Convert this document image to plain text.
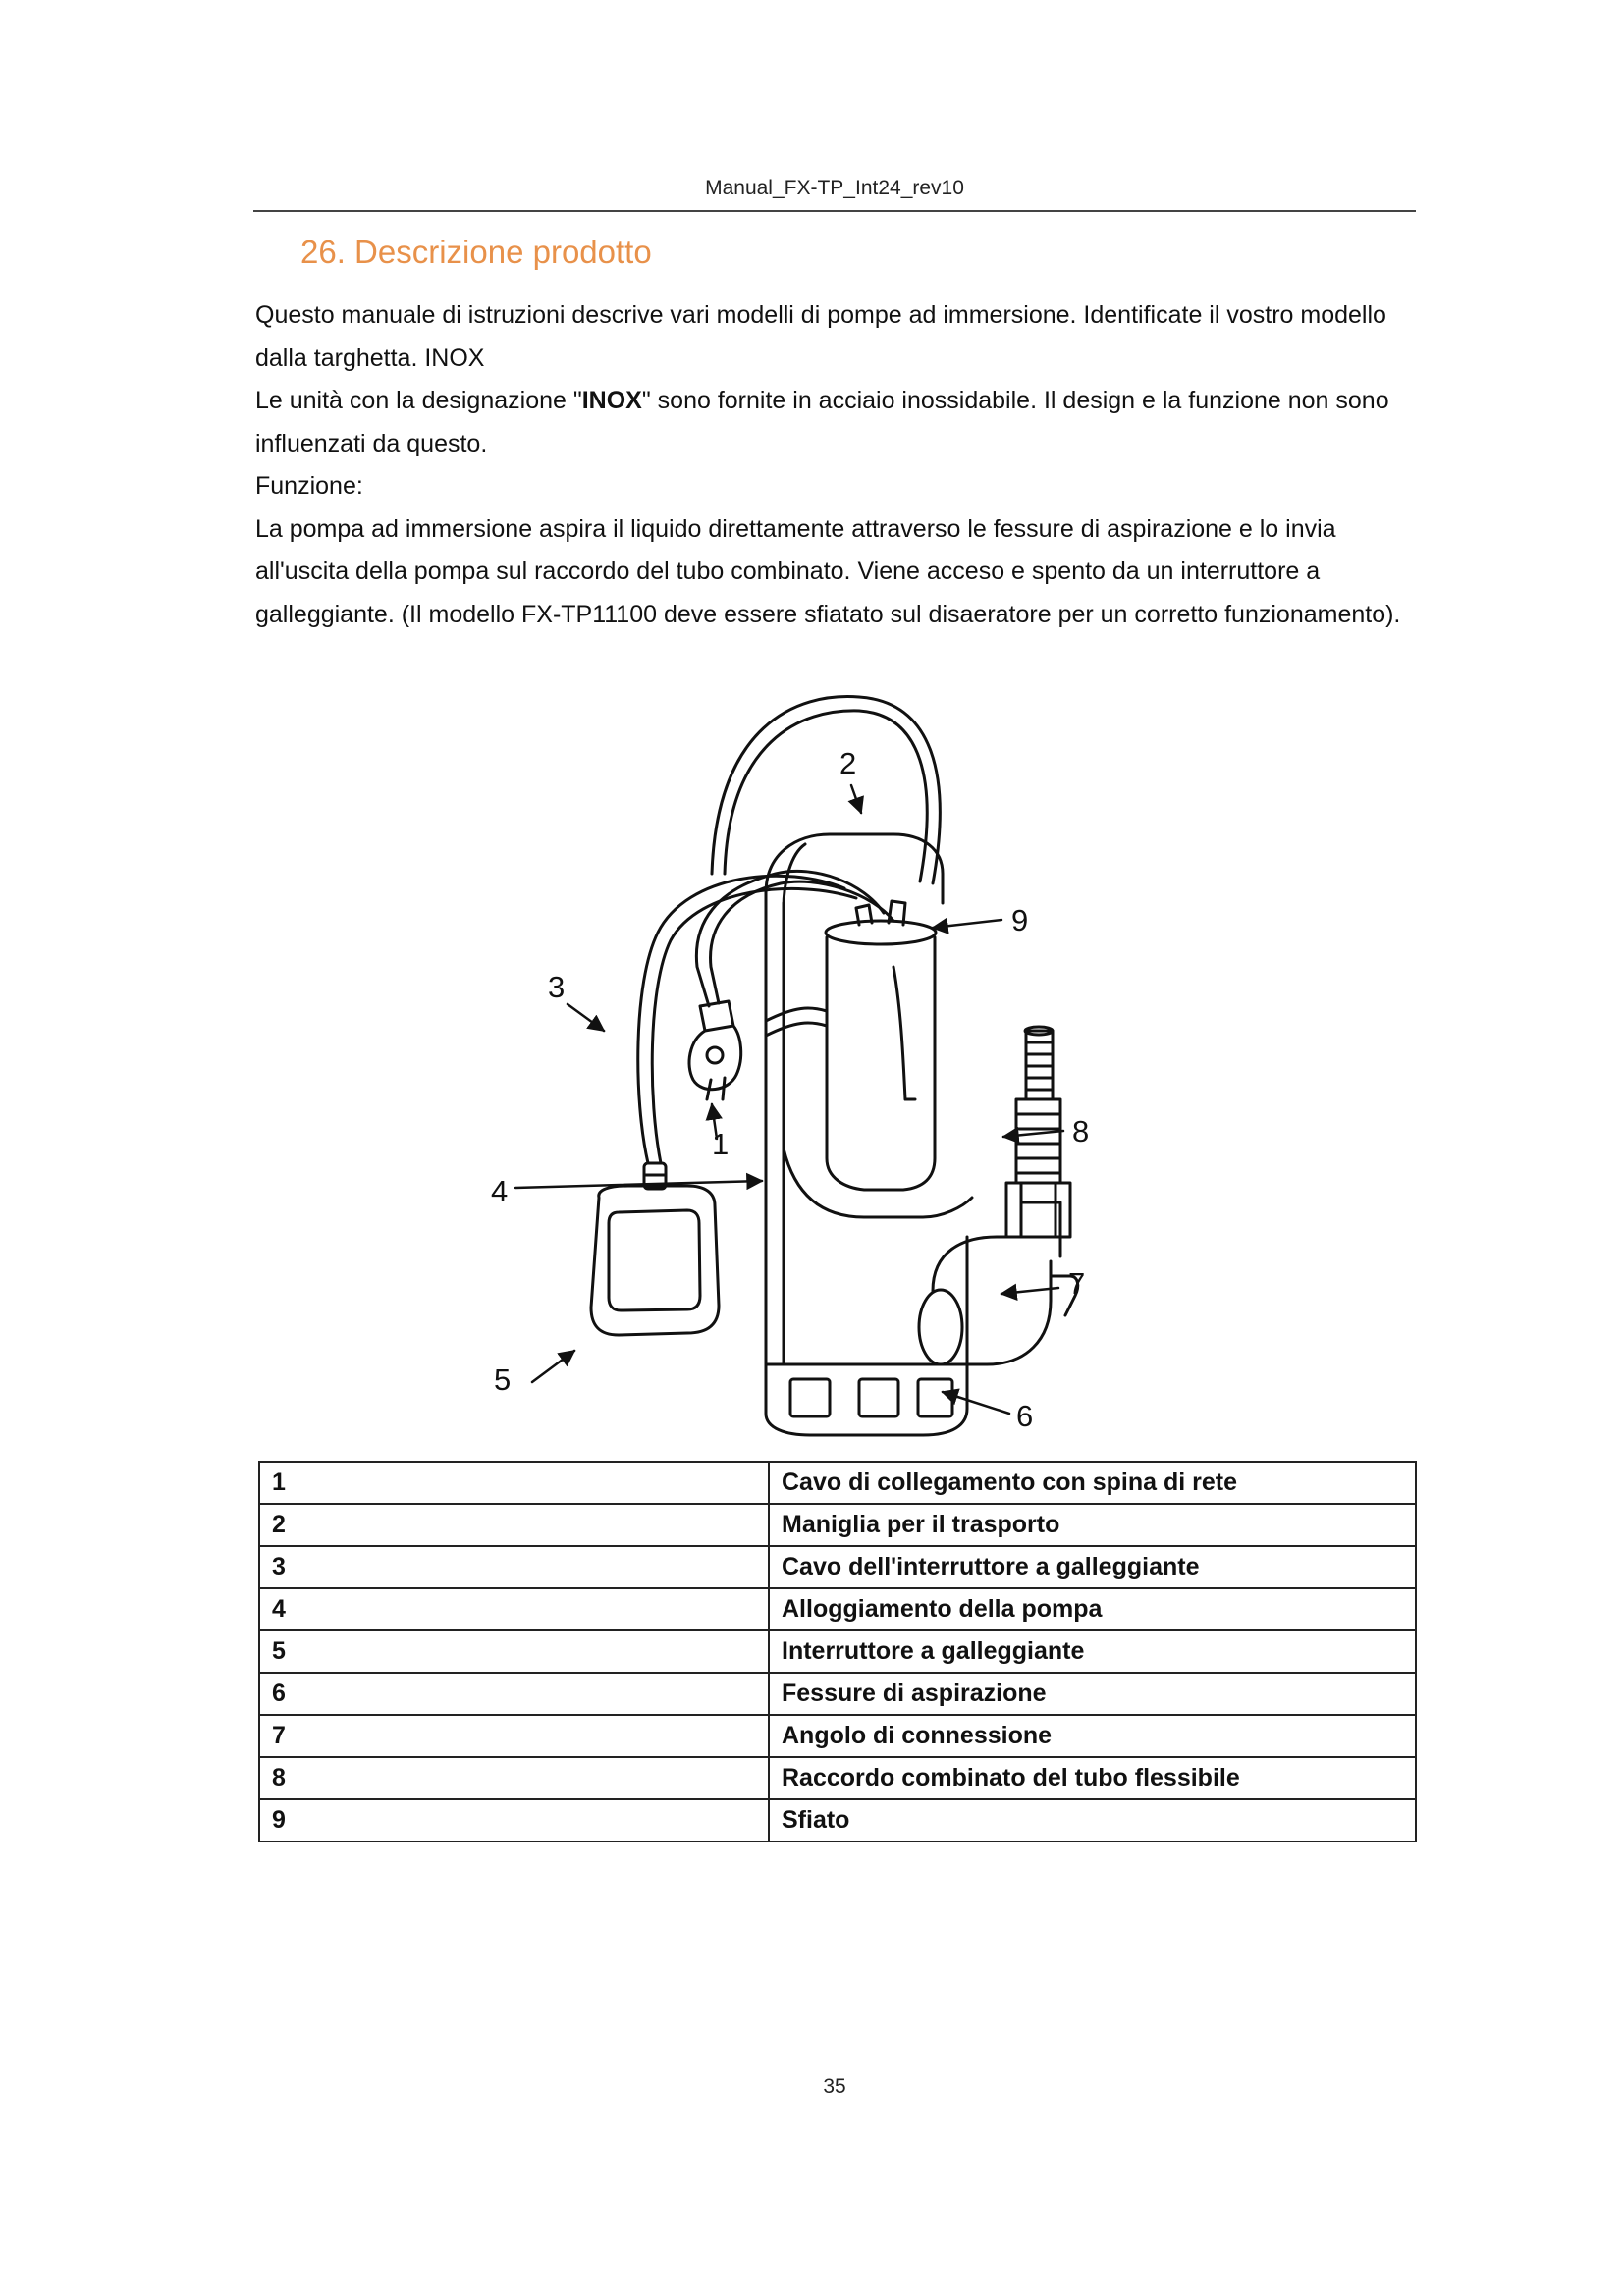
Manual_FX-TP_Int24_rev10
26. Descrizione prodotto

Questo manuale di istruzioni descrive vari modelli di pompe ad immersione. Identificate il vostro modello dalla targhetta. INOX

Le unità con la designazione "INOX" sono fornite in acciaio inossidabile. Il design e la funzione non sono influenzati da questo.

Funzione:

La pompa ad immersione aspira il liquido direttamente attraverso le fessure di aspirazione e lo invia all'uscita della pompa sul raccordo del tubo combinato. Viene acceso e spento da un interruttore a galleggiante. (Il modello FX-TP11100 deve essere sfiatato sul disaeratore per un corretto funzionamento).

1
2
3
4
5
6
7
8
9
1	Cavo di collegamento con spina di rete
2	Maniglia per il trasporto
3	Cavo dell'interruttore a galleggiante
4	Alloggiamento della pompa
5	Interruttore a galleggiante
6	Fessure di aspirazione
7	Angolo di connessione
8	Raccordo combinato del tubo flessibile
9	Sfiato
35
